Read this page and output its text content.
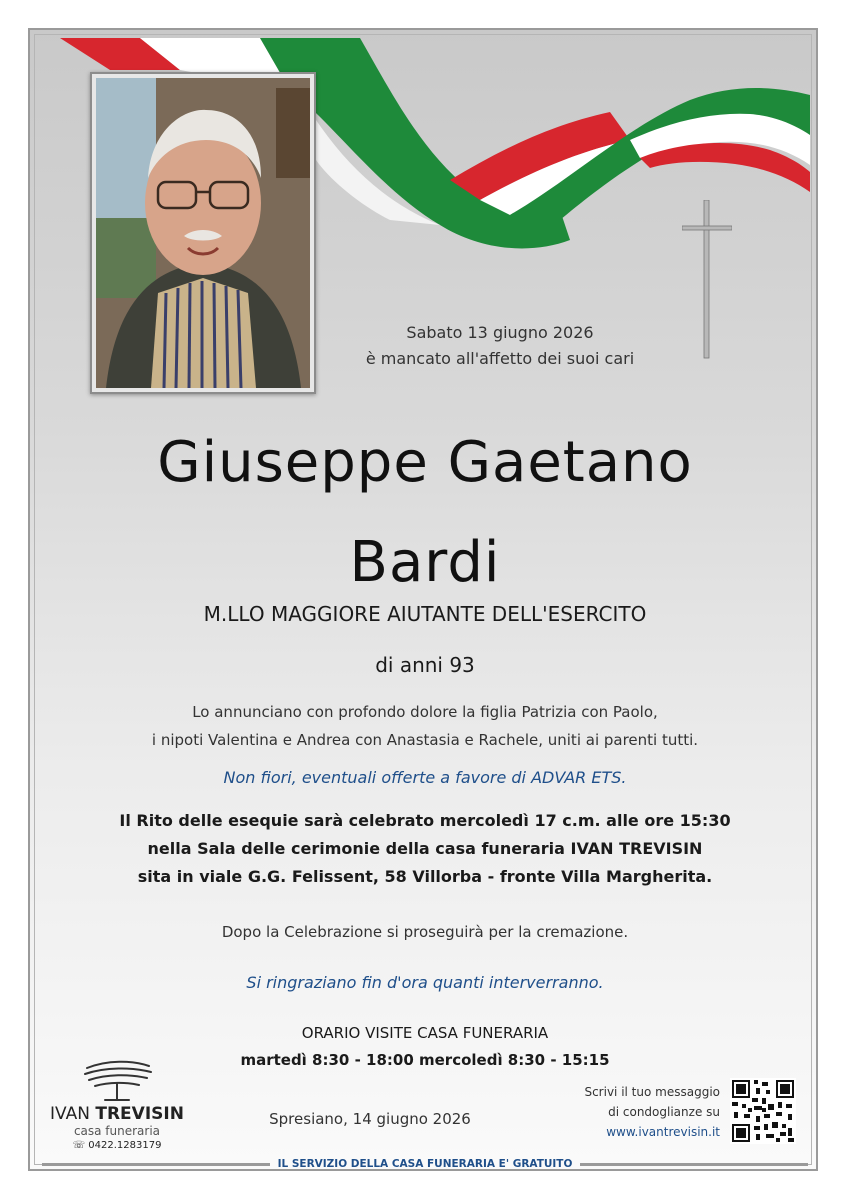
Sabato 13 giugno 2026
è mancato all'affetto dei suoi cari
Giuseppe Gaetano
Bardi
M.LLO MAGGIORE AIUTANTE DELL'ESERCITO
di anni 93
Lo annunciano con profondo dolore la figlia Patrizia con Paolo,
i nipoti Valentina e Andrea con Anastasia e Rachele, uniti ai parenti tutti.
Non fiori, eventuali offerte a favore di ADVAR ETS.
Il Rito delle esequie sarà celebrato mercoledì 17 c.m. alle ore 15:30
nella Sala delle cerimonie della casa funeraria IVAN TREVISIN
sita in viale G.G. Felissent, 58 Villorba - fronte Villa Margherita.
Dopo la Celebrazione si proseguirà per la cremazione.
Si ringraziano fin d'ora quanti interverranno.
ORARIO VISITE CASA FUNERARIA
martedì 8:30 - 18:00 mercoledì 8:30 - 15:15
IVAN TREVISIN
casa funeraria
☏ 0422.1283179
Spresiano, 14 giugno 2026
Scrivi il tuo messaggio
di condoglianze su
www.ivantrevisin.it
IL SERVIZIO DELLA CASA FUNERARIA E' GRATUITO
